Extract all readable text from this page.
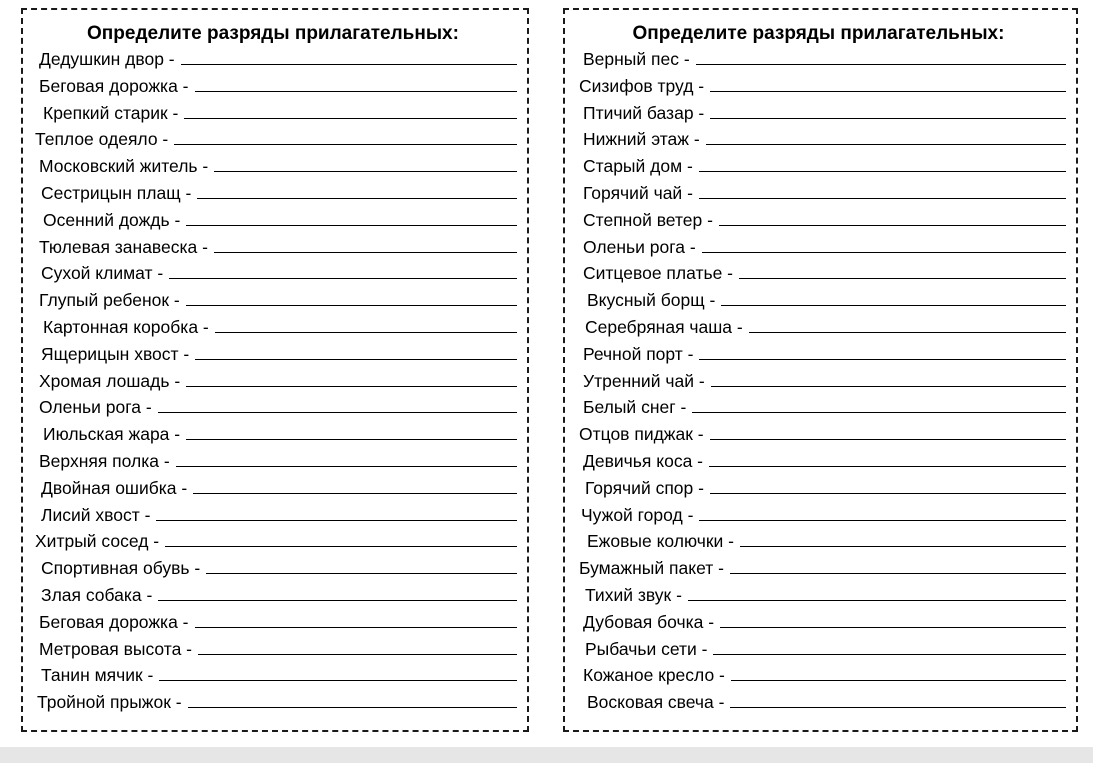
Определите разряды прилагательных:
Дедушкин двор -
Беговая дорожка -
Крепкий старик -
Теплое одеяло -
Московский житель -
Сестрицын плащ -
Осенний дождь -
Тюлевая занавеска -
Сухой климат -
Глупый ребенок -
Картонная коробка -
Ящерицын хвост -
Хромая лошадь -
Оленьи рога -
Июльская жара -
Верхняя полка -
Двойная ошибка -
Лисий хвост -
Хитрый сосед -
Спортивная обувь -
Злая собака -
Беговая дорожка -
Метровая высота -
Танин мячик -
Тройной прыжок -
Определите разряды прилагательных:
Верный пес -
Сизифов труд -
Птичий базар -
Нижний этаж -
Старый дом -
Горячий чай -
Степной ветер -
Оленьи рога -
Ситцевое платье -
Вкусный борщ -
Серебряная чаша -
Речной порт -
Утренний чай -
Белый снег -
Отцов пиджак -
Девичья коса -
Горячий спор -
Чужой город -
Ежовые колючки -
Бумажный пакет -
Тихий звук -
Дубовая бочка -
Рыбачьи сети -
Кожаное кресло -
Восковая свеча -
